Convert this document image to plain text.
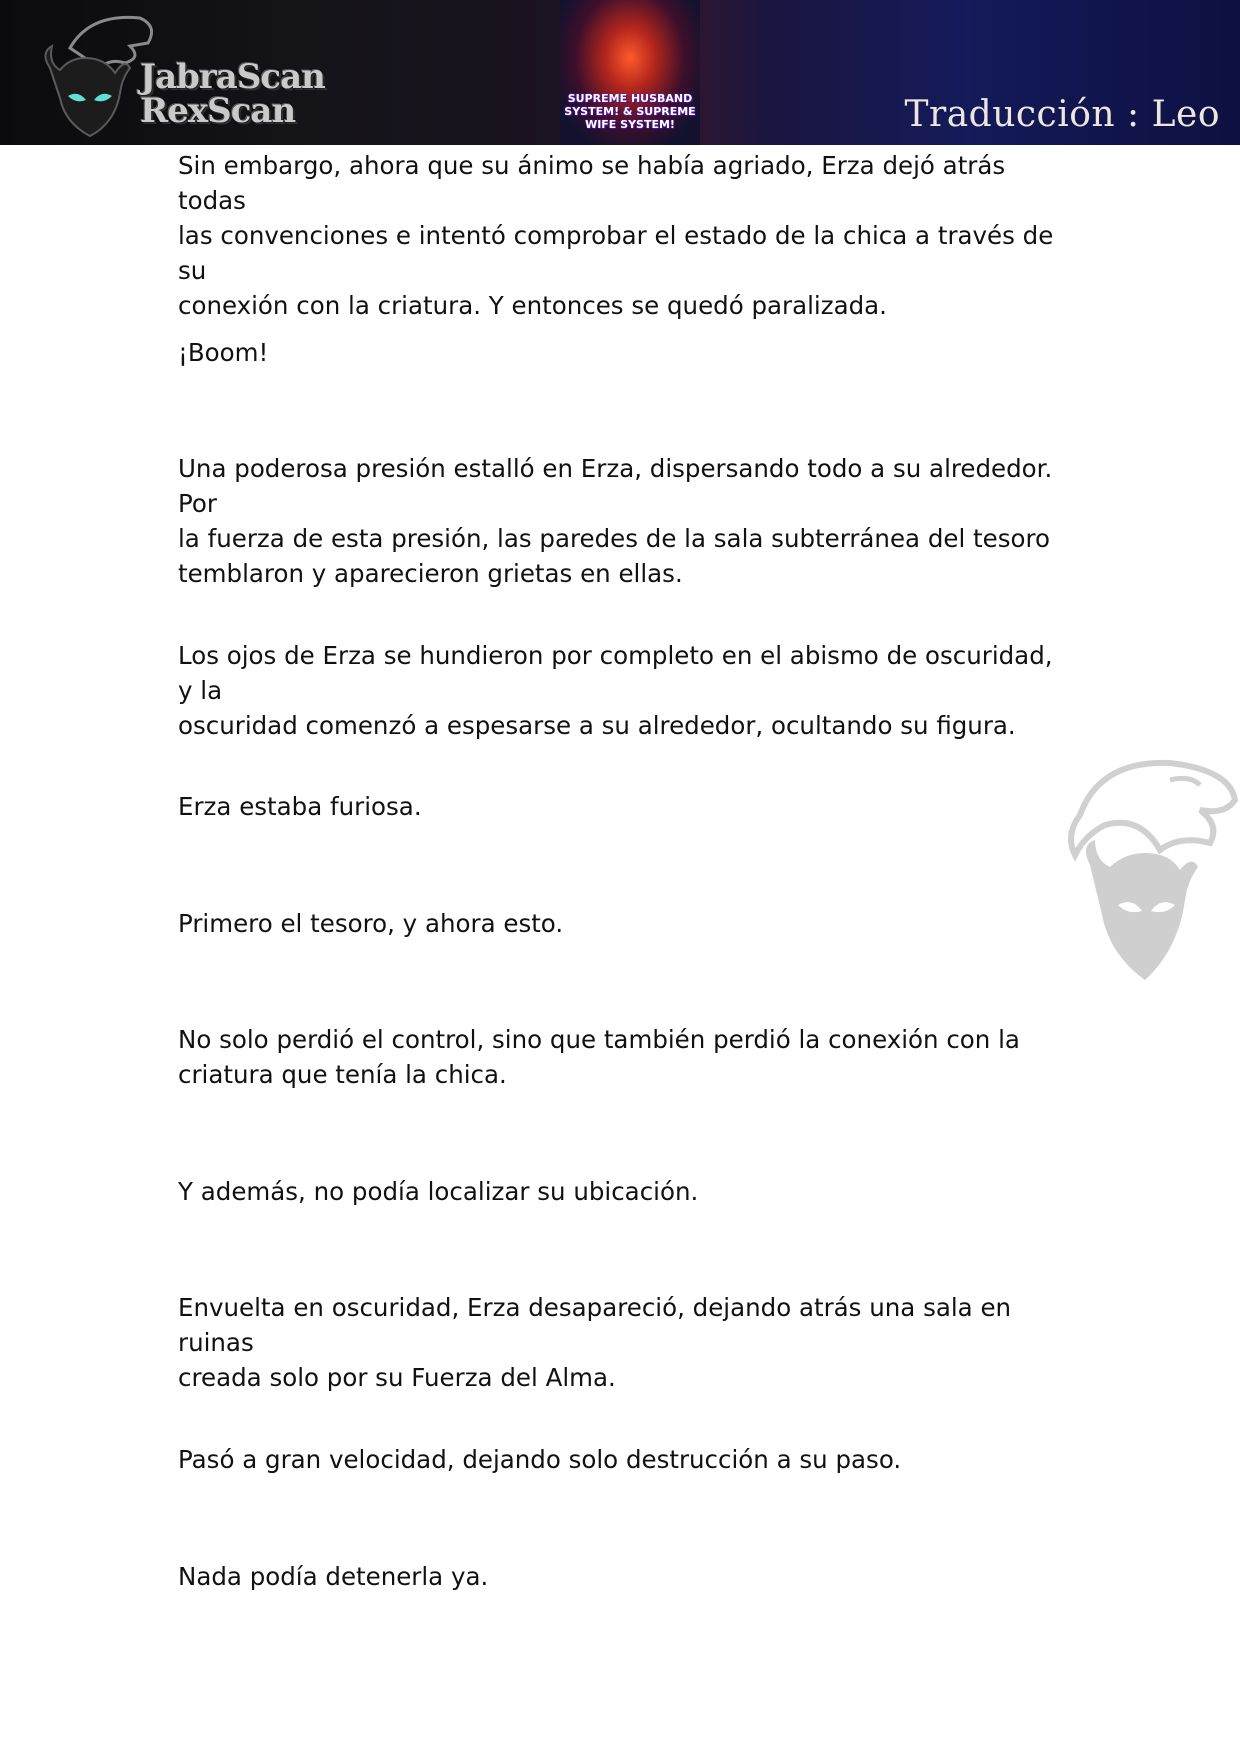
JabraScan
RexScan	SUPREME HUSBAND
SYSTEM! & SUPREME
WIFE SYSTEM!	Traducción : Leo

Sin embargo, ahora que su ánimo se había agriado, Erza dejó atrás todas
las convenciones e intentó comprobar el estado de la chica a través de su
conexión con la criatura. Y entonces se quedó paralizada.

¡Boom!

Una poderosa presión estalló en Erza, dispersando todo a su alrededor. Por
la fuerza de esta presión, las paredes de la sala subterránea del tesoro
temblaron y aparecieron grietas en ellas.

Los ojos de Erza se hundieron por completo en el abismo de oscuridad, y la
oscuridad comenzó a espesarse a su alrededor, ocultando su figura.

Erza estaba furiosa.

Primero el tesoro, y ahora esto.

No solo perdió el control, sino que también perdió la conexión con la
criatura que tenía la chica.

Y además, no podía localizar su ubicación.

Envuelta en oscuridad, Erza desapareció, dejando atrás una sala en ruinas
creada solo por su Fuerza del Alma.

Pasó a gran velocidad, dejando solo destrucción a su paso.

Nada podía detenerla ya.
